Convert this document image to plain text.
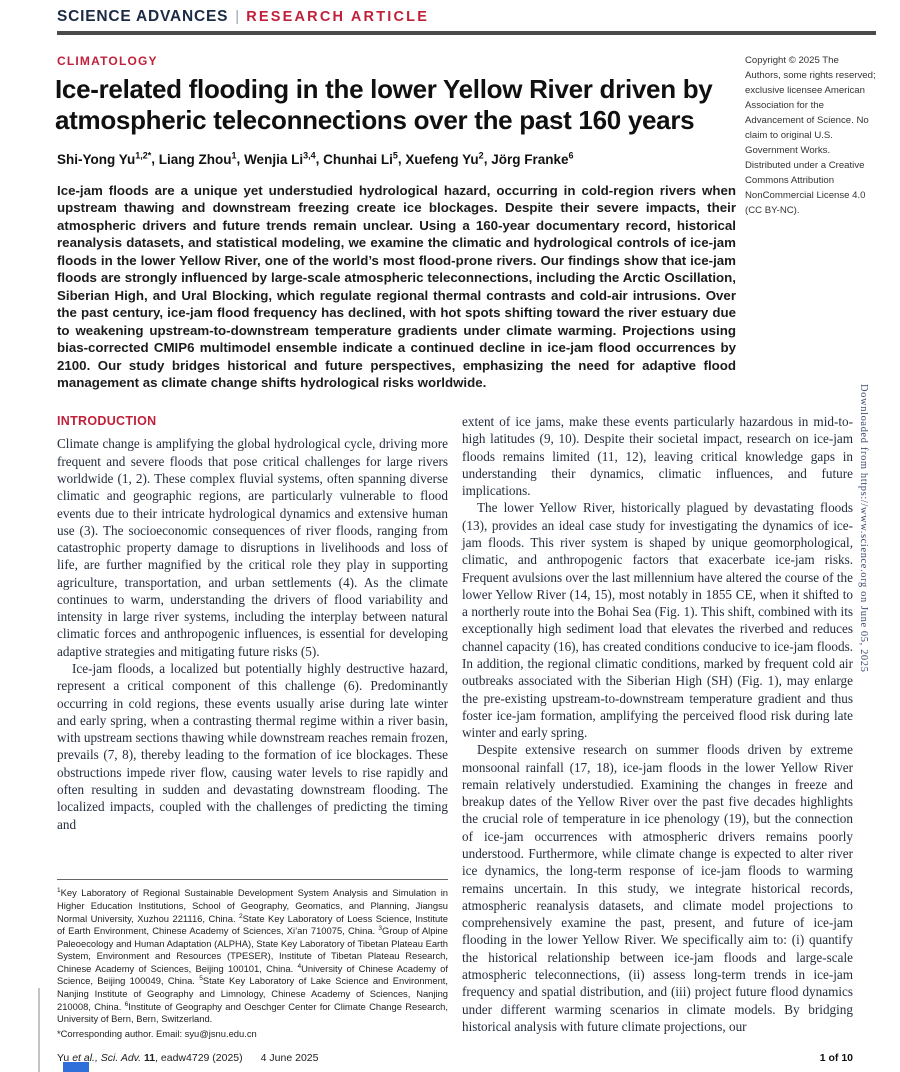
SCIENCE ADVANCES | RESEARCH ARTICLE
CLIMATOLOGY
Ice-related flooding in the lower Yellow River driven by atmospheric teleconnections over the past 160 years
Shi-Yong $Yu^{1,2*}$, Liang Zhou$^1$, Wenjia Li$^{3,4}$, Chunhai Li$^5$, Xuefeng Yu$^2$, Jörg Franke$^6$

Ice-jam floods are a unique yet understudied hydrological hazard, occurring in cold-region rivers when upstream thawing and downstream freezing create ice blockages. Despite their severe impacts, their atmospheric drivers and future trends remain unclear. Using a 160-year documentary record, historical reanalysis datasets, and statistical modeling, we examine the climatic and hydrological controls of ice-jam floods in the lower Yellow River, one of the world’s most flood-prone rivers. Our findings show that ice-jam floods are strongly influenced by large-scale atmospheric teleconnections, including the Arctic Oscillation, Siberian High, and Ural Blocking, which regulate regional thermal contrasts and cold-air intrusions. Over the past century, ice-jam flood frequency has declined, with hot spots shifting toward the river estuary due to weakening upstream-to-downstream temperature gradients under climate warming. Projections using bias-corrected CMIP6 multimodel ensemble indicate a continued decline in ice-jam flood occurrences by 2100. Our study bridges historical and future perspectives, emphasizing the need for adaptive flood management as climate change shifts hydrological risks worldwide.

Copyright © 2025 The Authors, some rights reserved; exclusive licensee American Association for the Advancement of Science. No claim to original U.S. Government Works. Distributed under a Creative Commons Attribution NonCommercial License 4.0 (CC BY-NC).
INTRODUCTION

Climate change is amplifying the global hydrological cycle, driving more frequent and severe floods that pose critical challenges for large rivers worldwide (1, 2). These complex fluvial systems, often spanning diverse climatic and geographic regions, are particularly vulnerable to flood events due to their intricate hydrological dynamics and extensive human use (3). The socioeconomic consequences of river floods, ranging from catastrophic property damage to disruptions in livelihoods and loss of life, are further magnified by the critical role they play in supporting agriculture, transportation, and urban settlements (4). As the climate continues to warm, understanding the drivers of flood variability and intensity in large river systems, including the interplay between natural climatic forces and anthropogenic influences, is essential for developing adaptive strategies and mitigating future risks (5).

Ice-jam floods, a localized but potentially highly destructive hazard, represent a critical component of this challenge (6). Predominantly occurring in cold regions, these events usually arise during late winter and early spring, when a contrasting thermal regime within a river basin, with upstream sections thawing while downstream reaches remain frozen, prevails (7, 8), thereby leading to the formation of ice blockages. These obstructions impede river flow, causing water levels to rise rapidly and often resulting in sudden and devastating downstream flooding. The localized impacts, coupled with the challenges of predicting the timing and

$^1$Key Laboratory of Regional Sustainable Development System Analysis and Simulation in Higher Education Institutions, School of Geography, Geomatics, and Planning, Jiangsu Normal University, Xuzhou 221116, China. $^2$State Key Laboratory of Loess Science, Institute of Earth Environment, Chinese Academy of Sciences, Xi’an 710075, China. $^3$Group of Alpine Paleoecology and Human Adaptation (ALPHA), State Key Laboratory of Tibetan Plateau Earth System, Environment and Resources (TPESER), Institute of Tibetan Plateau Research, Chinese Academy of Sciences, Beijing 100101, China. $^4$University of Chinese Academy of Science, Beijing 100049, China. $^5$State Key Laboratory of Lake Science and Environment, Nanjing Institute of Geography and Limnology, Chinese Academy of Sciences, Nanjing 210008, China. $^6$Institute of Geography and Oeschger Center for Climate Change Research, University of Bern, Bern, Switzerland.

*Corresponding author. Email: syu@jsnu.edu.cn

extent of ice jams, make these events particularly hazardous in mid-to-high latitudes (9, 10). Despite their societal impact, research on ice-jam floods remains limited (11, 12), leaving critical knowledge gaps in understanding their dynamics, climatic influences, and future implications.

The lower Yellow River, historically plagued by devastating floods (13), provides an ideal case study for investigating the dynamics of ice-jam floods. This river system is shaped by unique geomorphological, climatic, and anthropogenic factors that exacerbate ice-jam risks. Frequent avulsions over the last millennium have altered the course of the lower Yellow River (14, 15), most notably in 1855 CE, when it shifted to a northerly route into the Bohai Sea (Fig. 1). This shift, combined with its exceptionally high sediment load that elevates the riverbed and reduces channel capacity (16), has created conditions conducive to ice-jam floods. In addition, the regional climatic conditions, marked by frequent cold air outbreaks associated with the Siberian High (SH) (Fig. 1), may enlarge the pre-existing upstream-to-downstream temperature gradient and thus foster ice-jam formation, amplifying the perceived flood risk during late winter and early spring.

Despite extensive research on summer floods driven by extreme monsoonal rainfall (17, 18), ice-jam floods in the lower Yellow River remain relatively understudied. Examining the changes in freeze and breakup dates of the Yellow River over the past five decades highlights the crucial role of temperature in ice phenology (19), but the connection of ice-jam occurrences with atmospheric drivers remains poorly understood. Furthermore, while climate change is expected to alter river ice dynamics, the long-term response of ice-jam floods to warming remains uncertain. In this study, we integrate historical records, atmospheric reanalysis datasets, and climate model projections to comprehensively examine the past, present, and future of ice-jam flooding in the lower Yellow River. We specifically aim to: (i) quantify the historical relationship between ice-jam floods and large-scale atmospheric teleconnections, (ii) assess long-term trends in ice-jam frequency and spatial distribution, and (iii) project future flood dynamics under different warming scenarios in climate models. By bridging historical analysis with future climate projections, our

Downloaded from https://www.science.org on June 05, 2025
Yu et al., Sci. Adv. 11, eadw4729 (2025) 4 June 2025	1 of 10
